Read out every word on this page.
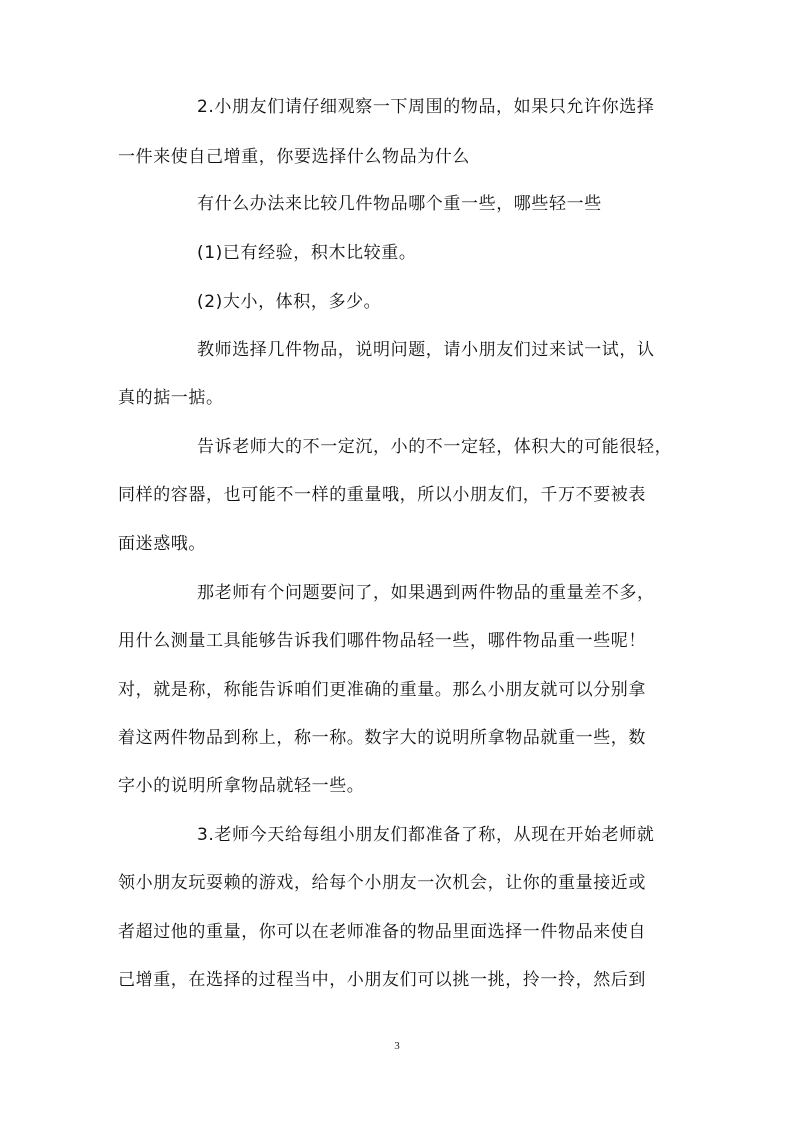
2.小朋友们请仔细观察一下周围的物品，如果只允许你选择
一件来使自己增重，你要选择什么物品为什么
有什么办法来比较几件物品哪个重一些，哪些轻一些
(1)已有经验，积木比较重。
(2)大小，体积，多少。
教师选择几件物品，说明问题，请小朋友们过来试一试，认
真的掂一掂。
告诉老师大的不一定沉，小的不一定轻，体积大的可能很轻，
同样的容器，也可能不一样的重量哦，所以小朋友们，千万不要被表
面迷惑哦。
那老师有个问题要问了，如果遇到两件物品的重量差不多，
用什么测量工具能够告诉我们哪件物品轻一些，哪件物品重一些呢！
对，就是称，称能告诉咱们更准确的重量。那么小朋友就可以分别拿
着这两件物品到称上，称一称。数字大的说明所拿物品就重一些，数
字小的说明所拿物品就轻一些。
3.老师今天给每组小朋友们都准备了称，从现在开始老师就
领小朋友玩耍赖的游戏，给每个小朋友一次机会，让你的重量接近或
者超过他的重量，你可以在老师准备的物品里面选择一件物品来使自
己增重，在选择的过程当中，小朋友们可以挑一挑，拎一拎，然后到
3
